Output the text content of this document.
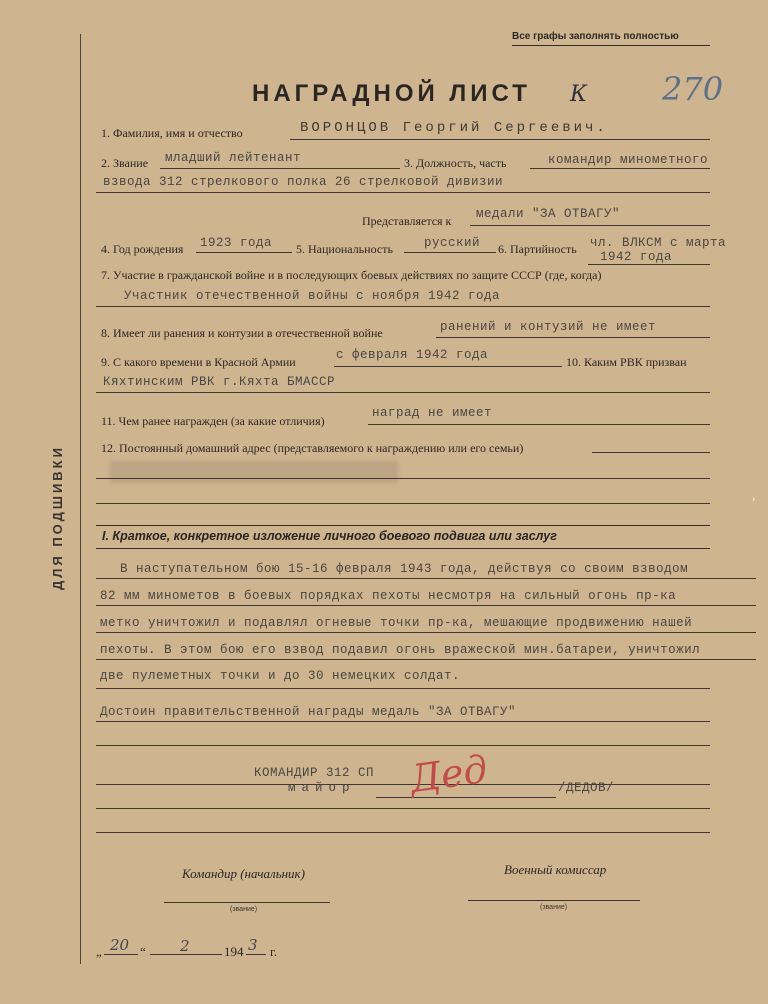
ДЛЯ ПОДШИВКИ
Все графы заполнять полностью
НАГРАДНОЙ ЛИСТ К 270
1. Фамилия, имя и отчество	ВОРОНЦОВ Георгий Сергеевич.
2. Звание младший лейтенант	3. Должность, часть	командир минометного
взвода 312 стрелкового полка 26 стрелковой дивизии
Представляется к медали "ЗА ОТВАГУ"
4. Год рождения 1923 года 5. Национальность русский 6. Партийность чл. ВЛКСМ с марта
1942 года
7. Участие в гражданской войне и в последующих боевых действиях по защите СССР (где, когда)
Участник отечественной войны с ноября 1942 года
8. Имеет ли ранения и контузии в отечественной войне	ранений и контузий не имеет
9. С какого времени в Красной Армии	с февраля 1942 года	10. Каким РВК призван
Кяхтинским РВК г.Кяхта БМАССР
11. Чем ранее награжден (за какие отличия)
наград не имеет
12. Постоянный домашний адрес (представляемого к награждению или его семьи)
I. Краткое, конкретное изложение личного боевого подвига или заслуг
В наступательном бою 15-16 февраля 1943 года, действуя со своим взводом
82 мм минометов в боевых порядках пехоты несмотря на сильный огонь пр-ка
метко уничтожил и подавлял огневые точки пр-ка, мешающие продвижению нашей
пехоты. В этом бою его взвод подавил огонь вражеской мин.батареи, уничтожил
две пулеметных точки и до 30 немецких солдат.
Достоин правительственной награды медаль "ЗА ОТВАГУ"
КОМАНДИР 312 СП
майор	/ДЕДОВ/
Дед
Командир (начальник)	Военный комиссар
(звание)	(звание)
„ 20 “ 2	194 3 г.
›
